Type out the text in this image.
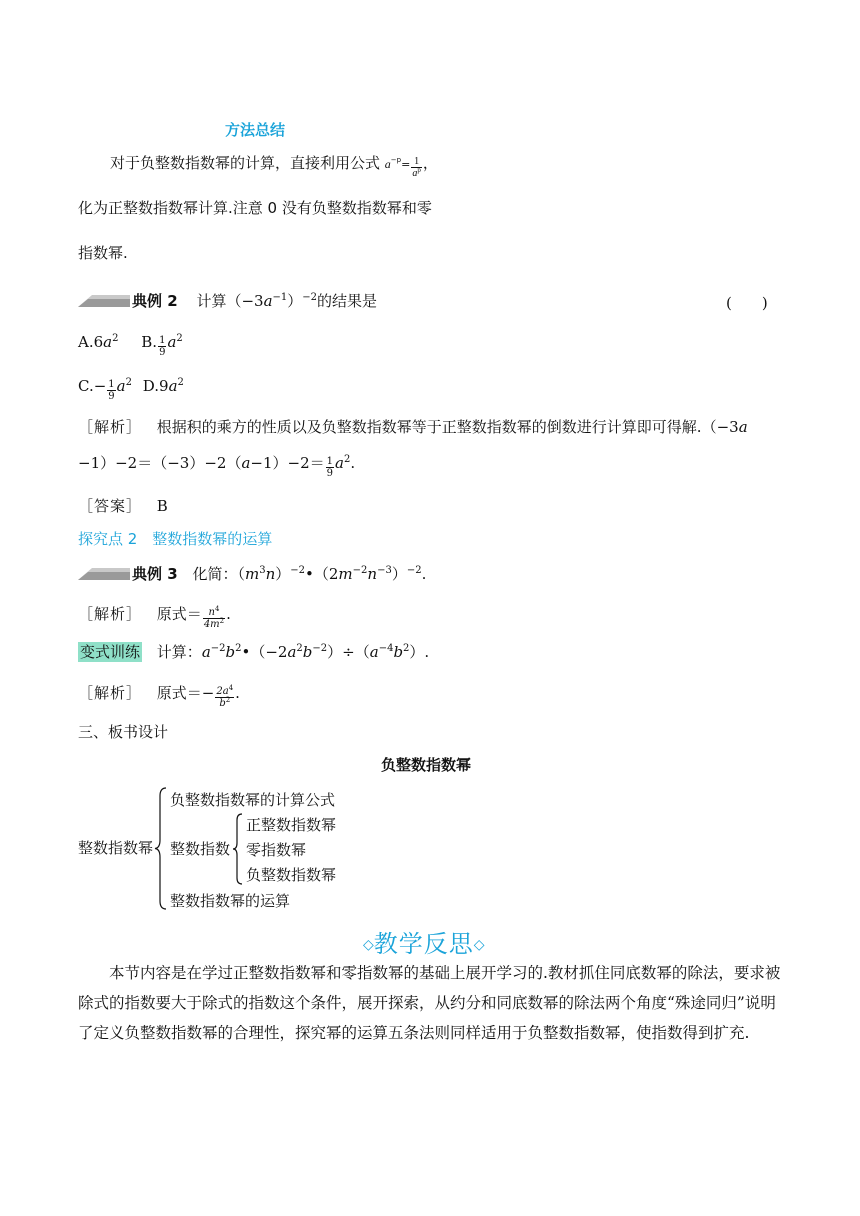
方法总结
对于负整数指数幂的计算，直接利用公式 $a^{-p}= \frac{1}{a^p}$ ，
化为正整数指数幂计算.注意 0 没有负整数指数幂和零
指数幂.
典例 2 计算$(-3a^{-1})^{-2}$的结果是	(　　)
$A.6a^2$ B. $\frac{1}{9} a^2$
$C.- \frac{1}{9} a^2$ $D.9a^2$
［解析］ 根据积的乘方的性质以及负整数指数幂等于正整数指数幂的倒数进行计算即可得解.（−3a
$-1)-2=(-3)-2(a-1)-2= \frac{1}{9} a^2$.
［答案］ B
探究点 2　整数指数幂的运算
典例 3 化简：$(m^3n)^{-2}•(2m^{-2}n^{-3})^{-2}$.
［解析］ 原式＝ $\frac{n^4}{4m^2}$ .
变式训练 计算：$a^{-2}b^2•(-2a^2b^{-2})\div(a^{-4}b^2)$.
［解析］ 原式＝− $\frac{2a^4}{b^2}$ .
三、板书设计
负整数指数幂
整数指数幂
负整数指数幂的计算公式
整数指数
正整数指数幂
零指数幂
负整数指数幂
整数指数幂的运算
◇教学反思◇
本节内容是在学过正整数指数幂和零指数幂的基础上展开学习的.教材抓住同底数幂的除法，要求被除式的指数要大于除式的指数这个条件，展开探索，从约分和同底数幂的除法两个角度“殊途同归”说明了定义负整数指数幂的合理性，探究幂的运算五条法则同样适用于负整数指数幂，使指数得到扩充.
